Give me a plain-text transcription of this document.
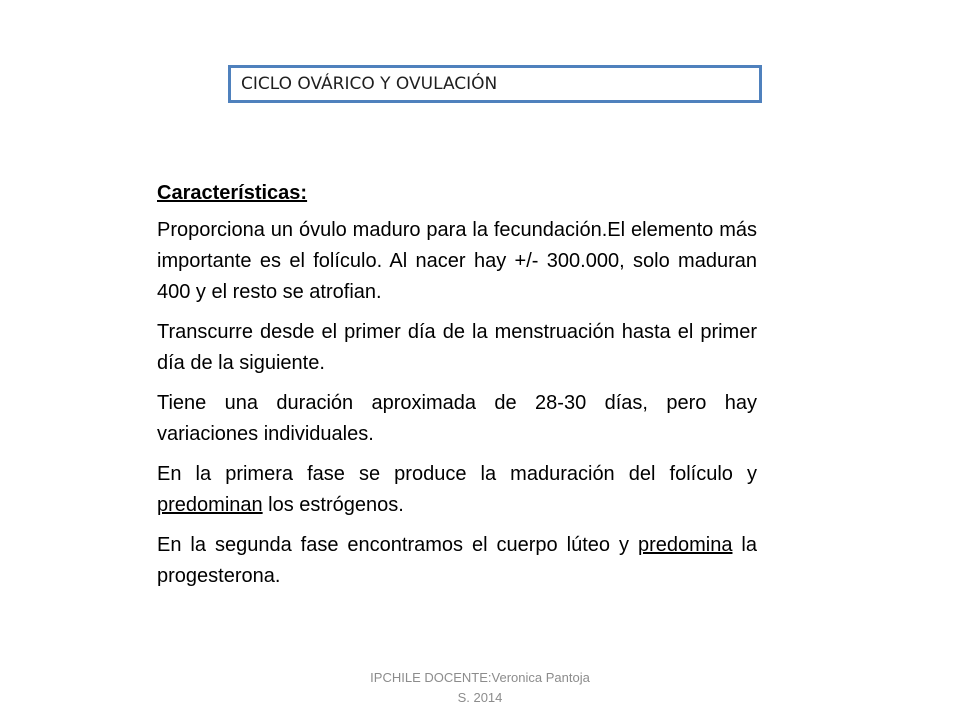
CICLO OVÁRICO Y OVULACIÓN
Características:
Proporciona un óvulo maduro para la fecundación.El elemento más importante es el folículo. Al nacer hay +/- 300.000, solo maduran 400 y el resto se atrofian.
Transcurre desde el primer día de la menstruación hasta el primer día de la siguiente.
Tiene una duración aproximada de 28-30 días, pero hay variaciones individuales.
En la primera fase se produce la maduración del folículo y predominan los estrógenos.
En la segunda fase encontramos el cuerpo lúteo y predomina la progesterona.
IPCHILE DOCENTE:Veronica Pantoja
S. 2014
